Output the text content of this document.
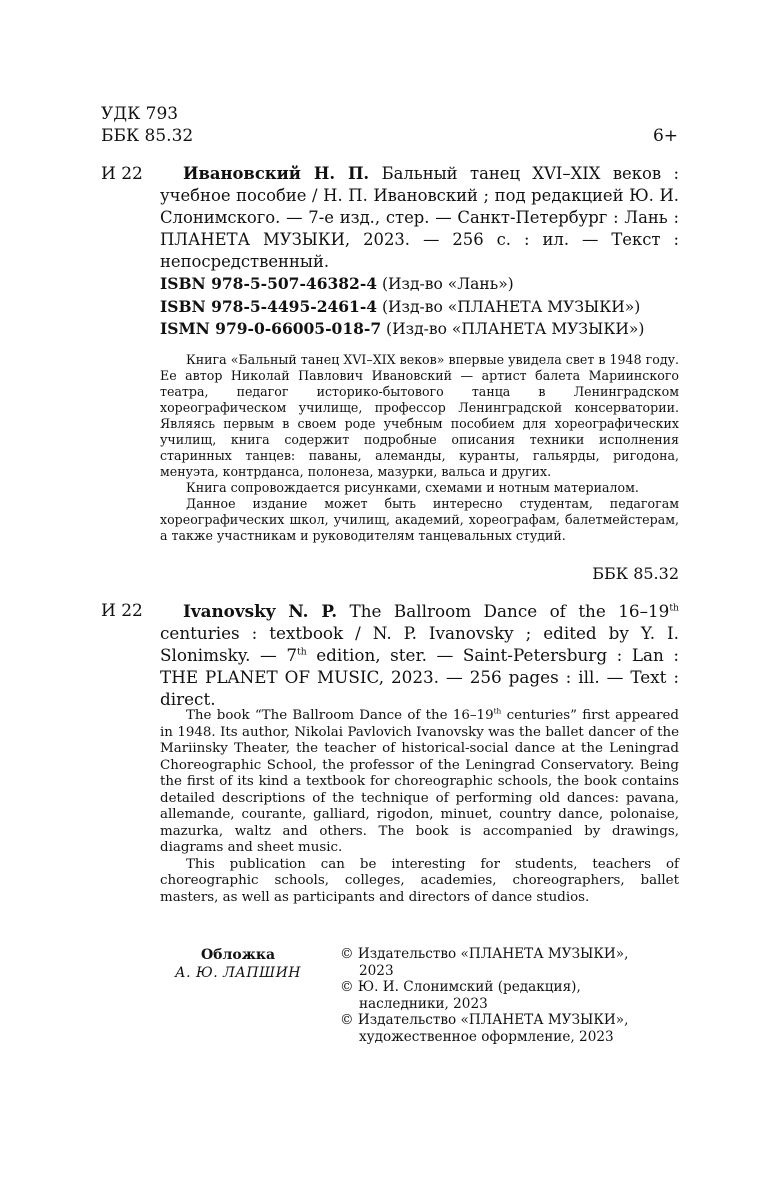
УДК 793
ББК 85.32	6+
И 22	Ивановский Н. П. Бальный танец XVI–XIX веков : учебное пособие / Н. П. Ивановский ; под редакцией Ю. И. Слонимского. — 7-е изд., стер. — Санкт-Петербург : Лань : ПЛАНЕТА МУЗЫКИ, 2023. — 256 с. : ил. — Текст : непосредственный.
ISBN 978-5-507-46382-4 (Изд-во «Лань»)
ISBN 978-5-4495-2461-4 (Изд-во «ПЛАНЕТА МУЗЫКИ»)
ISMN 979-0-66005-018-7 (Изд-во «ПЛАНЕТА МУЗЫКИ»)

Книга «Бальный танец XVI–XIX веков» впервые увидела свет в 1948 году. Ее автор Николай Павлович Ивановский — артист балета Мариинского театра, педагог историко-бытового танца в Ленинградском хореографическом училище, профессор Ленинградской консерватории. Являясь первым в своем роде учебным пособием для хореографических училищ, книга содержит подробные описания техники исполнения старинных танцев: паваны, алеманды, куранты, гальярды, ригодона, менуэта, контрданса, полонеза, мазурки, вальса и других.

Книга сопровождается рисунками, схемами и нотным материалом.

Данное издание может быть интересно студентам, педагогам хореографических школ, училищ, академий, хореографам, балетмейстерам, а также участникам и руководителям танцевальных студий.

ББК 85.32
И 22	Ivanovsky N. P. The Ballroom Dance of the 16–19th centuries : textbook / N. P. Ivanovsky ; edited by Y. I. Slonimsky. — 7th edition, ster. — Saint-Petersburg : Lan : THE PLANET OF MUSIC, 2023. — 256 pages : ill. — Text : direct.

The book “The Ballroom Dance of the 16–19th centuries” first appeared in 1948. Its author, Nikolai Pavlovich Ivanovsky was the ballet dancer of the Mariinsky Theater, the teacher of historical-social dance at the Leningrad Choreographic School, the professor of the Leningrad Conservatory. Being the first of its kind a textbook for choreographic schools, the book contains detailed descriptions of the technique of performing old dances: pavana, allemande, courante, galliard, rigodon, minuet, country dance, polonaise, mazurka, waltz and others. The book is accompanied by drawings, diagrams and sheet music.

This publication can be interesting for students, teachers of choreographic schools, colleges, academies, choreographers, ballet masters, as well as participants and directors of dance studios.

Обложка
А. Ю. ЛАПШИН
© Издательство «ПЛАНЕТА МУЗЫКИ», 2023
© Ю. И. Слонимский (редакция), наследники, 2023
© Издательство «ПЛАНЕТА МУЗЫКИ», художественное оформление, 2023
